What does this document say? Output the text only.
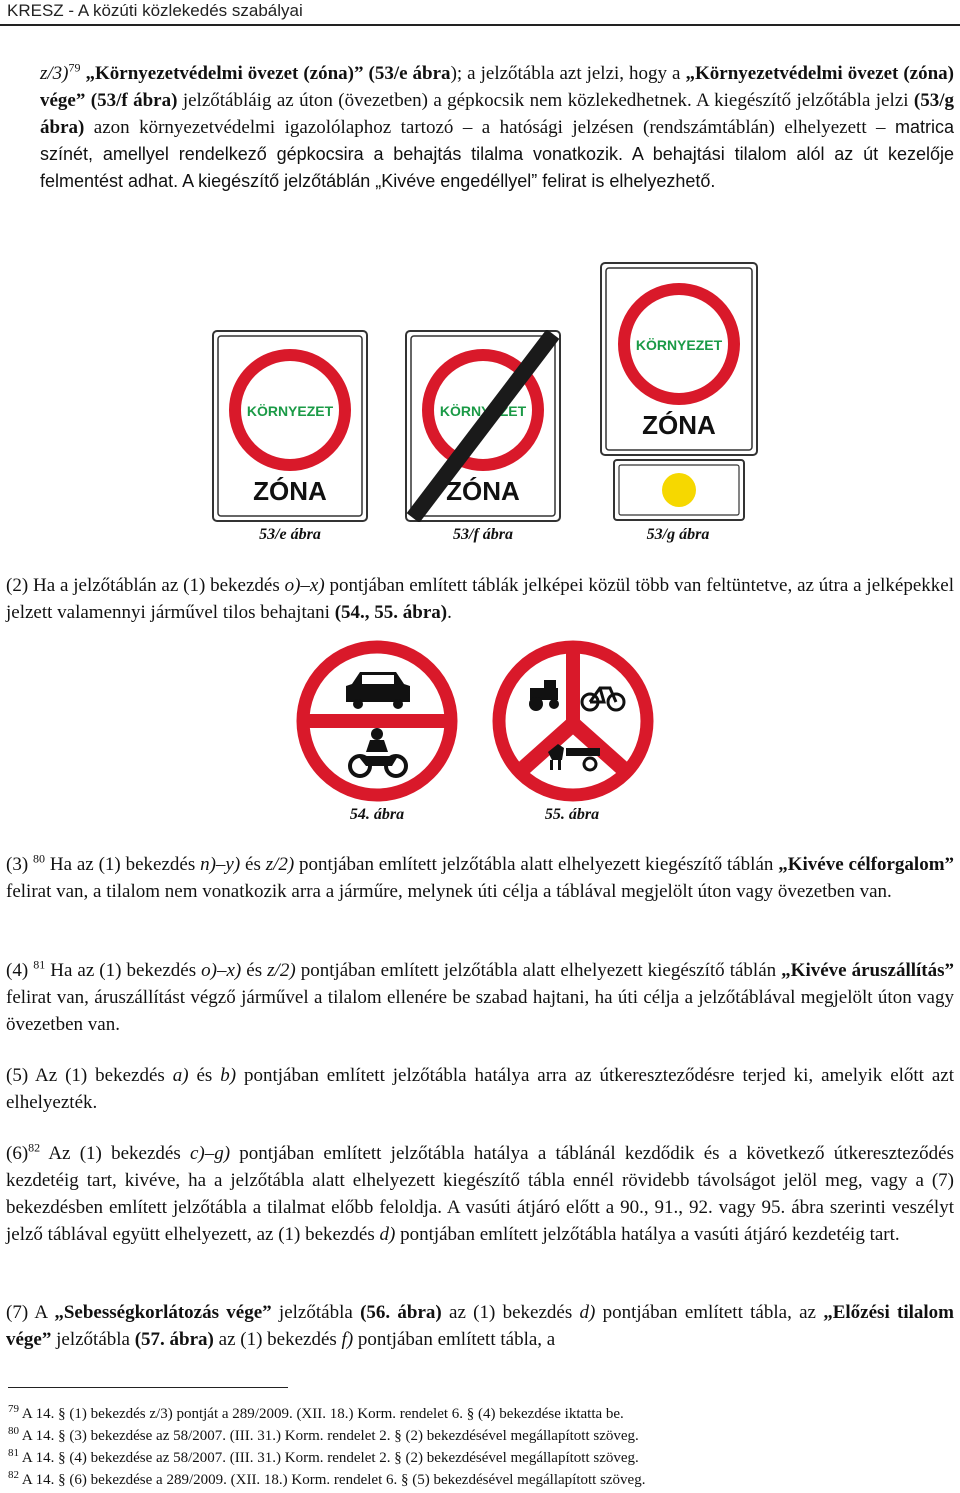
KRESZ - A közúti közlekedés szabályai

z/3)$^{79}$ „Környezetvédelmi övezet (zóna)” (53/e ábra); a jelzőtábla azt jelzi, hogy a „Környezetvédelmi övezet (zóna) vége” (53/f ábra) jelzőtábláig az úton (övezetben) a gépkocsik nem közlekedhetnek. A kiegészítő jelzőtábla jelzi (53/g ábra) azon környezetvédelmi igazolólaphoz tartozó – a hatósági jelzésen (rendszámtáblán) elhelyezett – matrica színét, amellyel rendelkező gépkocsira a behajtás tilalma vonatkozik. A behajtási tilalom alól az út kezelője felmentést adhat. A kiegészítő jelzőtáblán „Kivéve engedéllyel” felirat is elhelyezhető.

KÖRNYEZET
ZÓNA
KÖRNYEZET
ZÓNA
KÖRNYEZET
ZÓNA
53/e ábra	53/f ábra	53/g ábra

(2) Ha a jelzőtáblán az (1) bekezdés o)–x) pontjában említett táblák jelképei közül több van feltüntetve, az útra a jelképekkel jelzett valamennyi járművel tilos behajtani (54., 55. ábra).

54. ábra	55. ábra

(3) $^{80}$ Ha az (1) bekezdés n)–y) és z/2) pontjában említett jelzőtábla alatt elhelyezett kiegészítő táblán „Kivéve célforgalom” felirat van, a tilalom nem vonatkozik arra a járműre, melynek úti célja a táblával megjelölt úton vagy övezetben van.

(4) $^{81}$ Ha az (1) bekezdés o)–x) és z/2) pontjában említett jelzőtábla alatt elhelyezett kiegészítő táblán „Kivéve áruszállítás” felirat van, áruszállítást végző járművel a tilalom ellenére be szabad hajtani, ha úti célja a jelzőtáblával megjelölt úton vagy övezetben van.

(5) Az (1) bekezdés a) és b) pontjában említett jelzőtábla hatálya arra az útkereszteződésre terjed ki, amelyik előtt azt elhelyezték.

$(6)^{82}$ Az (1) bekezdés c)–g) pontjában említett jelzőtábla hatálya a táblánál kezdődik és a következő útkereszteződés kezdetéig tart, kivéve, ha a jelzőtábla alatt elhelyezett kiegészítő tábla ennél rövidebb távolságot jelöl meg, vagy a (7) bekezdésben említett jelzőtábla a tilalmat előbb feloldja. A vasúti átjáró előtt a 90., 91., 92. vagy 95. ábra szerinti veszélyt jelző táblával együtt elhelyezett, az (1) bekezdés d) pontjában említett jelzőtábla hatálya a vasúti átjáró kezdetéig tart.

(7) A „Sebességkorlátozás vége” jelzőtábla (56. ábra) az (1) bekezdés d) pontjában említett tábla, az „Előzési tilalom vége” jelzőtábla (57. ábra) az (1) bekezdés f) pontjában említett tábla, a

$^{79}$ A 14. § (1) bekezdés z/3) pontját a 289/2009. (XII. 18.) Korm. rendelet 6. § (4) bekezdése iktatta be.
$^{80}$ A 14. § (3) bekezdése az 58/2007. (III. 31.) Korm. rendelet 2. § (2) bekezdésével megállapított szöveg.
$^{81}$ A 14. § (4) bekezdése az 58/2007. (III. 31.) Korm. rendelet 2. § (2) bekezdésével megállapított szöveg.
$^{82}$ A 14. § (6) bekezdése a 289/2009. (XII. 18.) Korm. rendelet 6. § (5) bekezdésével megállapított szöveg.
